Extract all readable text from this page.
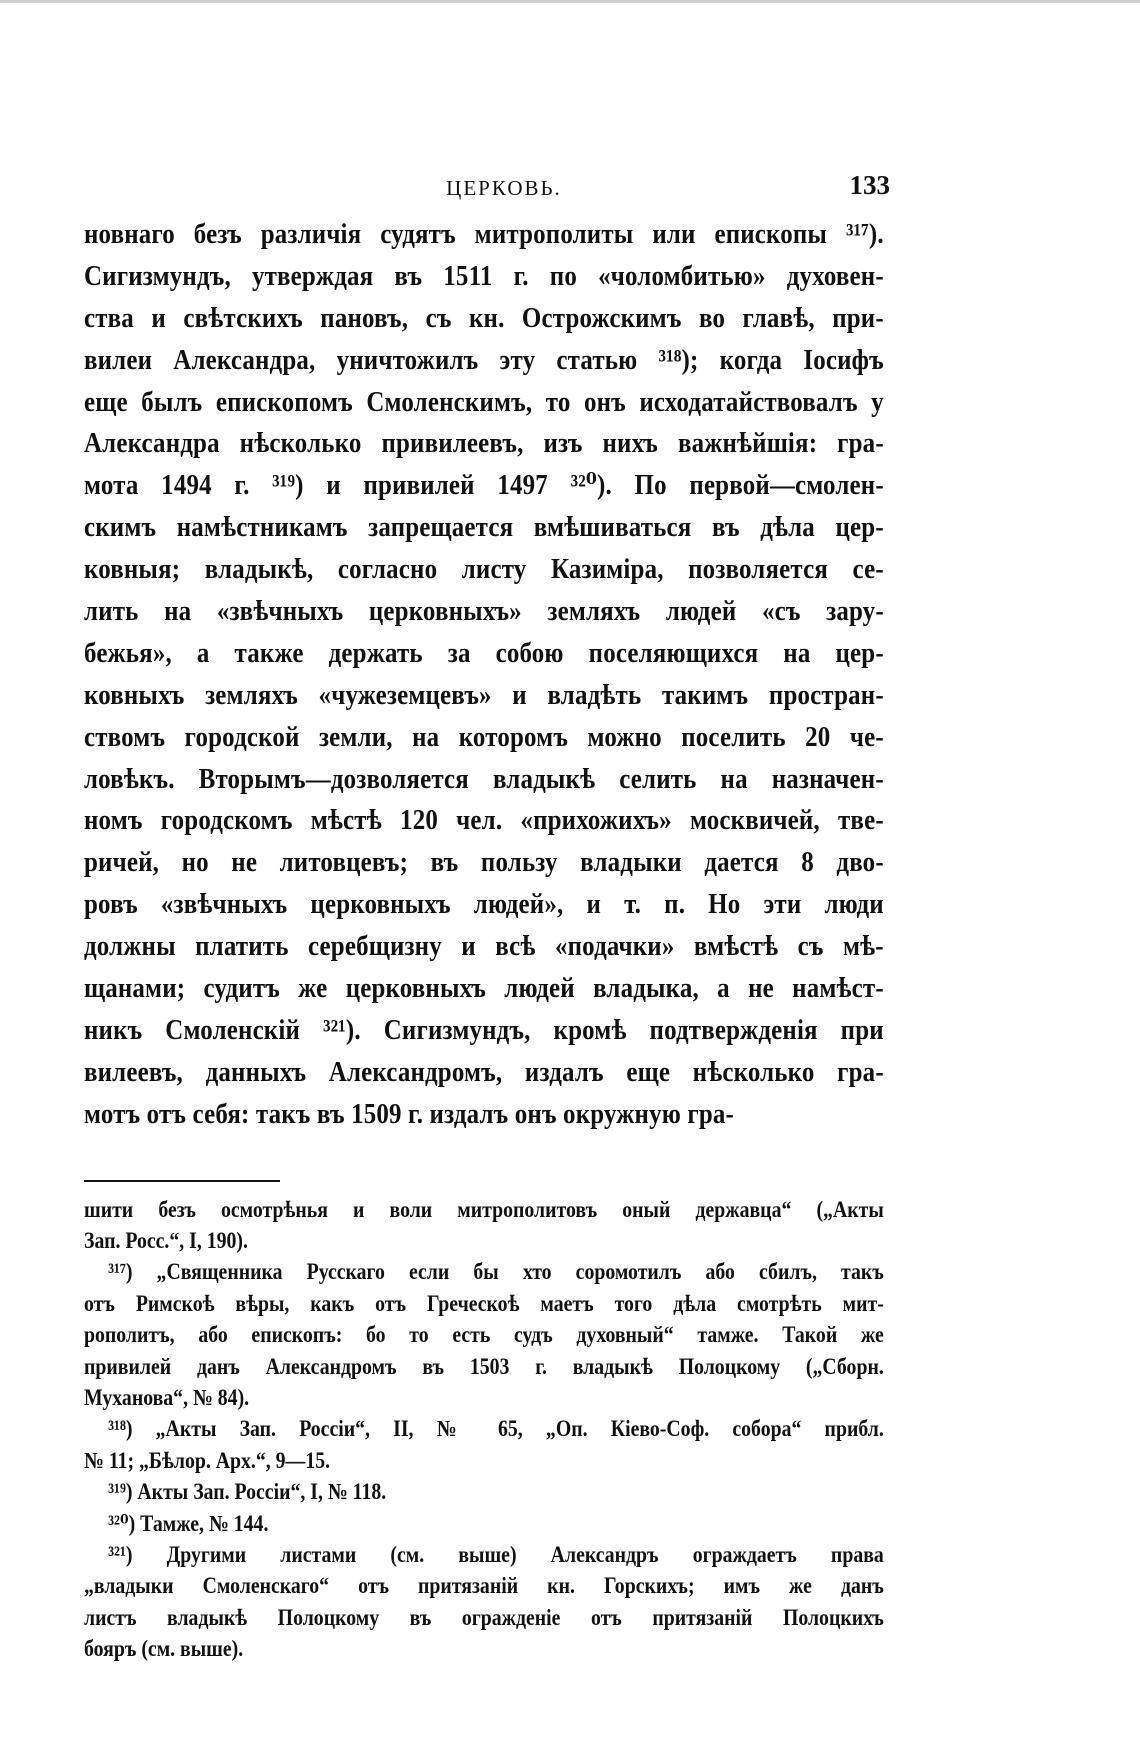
ЦЕРКОВЬ.	133
новнаго безъ различія судятъ митрополиты или епископы ³¹⁷).
Сигизмундъ, утверждая въ 1511 г. по «чоломбитью» духовен-
ства и свѣтскихъ пановъ, съ кн. Острожскимъ во главѣ, при-
вилеи Александра, уничтожилъ эту статью ³¹⁸); когда Іосифъ
еще былъ епископомъ Смоленскимъ, то онъ исходатайствовалъ у
Александра нѣсколько привилеевъ, изъ нихъ важнѣйшія: гра-
мота 1494 г. ³¹⁹) и привилей 1497 ³²⁰). По первой—смолен-
скимъ намѣстникамъ запрещается вмѣшиваться въ дѣла цер-
ковныя; владыкѣ, согласно листу Казиміра, позволяется се-
лить на «звѣчныхъ церковныхъ» земляхъ людей «съ зару-
бежья», а также держать за собою поселяющихся на цер-
ковныхъ земляхъ «чужеземцевъ» и владѣть такимъ простран-
ствомъ городской земли, на которомъ можно поселить 20 че-
ловѣкъ. Вторымъ—дозволяется владыкѣ селить на назначен-
номъ городскомъ мѣстѣ 120 чел. «прихожихъ» москвичей, тве-
ричей, но не литовцевъ; въ пользу владыки дается 8 дво-
ровъ «звѣчныхъ церковныхъ людей», и т. п. Но эти люди
должны платить серебщизну и всѣ «подачки» вмѣстѣ съ мѣ-
щанами; судитъ же церковныхъ людей владыка, а не намѣст-
никъ Смоленскій ³²¹). Сигизмундъ, кромѣ подтвержденія при
вилеевъ, данныхъ Александромъ, издалъ еще нѣсколько гра-
мотъ отъ себя: такъ въ 1509 г. издалъ онъ окружную гра-
шити безъ осмотрѣнья и воли митрополитовъ оный державца“ („Акты
Зап. Росс.“, I, 190).
³¹⁷) „Священника Русскаго если бы хто соромотилъ або сбилъ, такъ
отъ Римскоѣ вѣры, какъ отъ Греческоѣ маетъ того дѣла смотрѣть мит-
рополитъ, або епископъ: бо то есть судъ духовный“ тамже. Такой же
привилей данъ Александромъ въ 1503 г. владыкѣ Полоцкому („Сборн.
Муханова“, № 84).
³¹⁸) „Акты Зап. Россіи“, II, № 65, „Оп. Кіево-Соф. собора“ прибл.
№ 11; „Бѣлор. Арх.“, 9—15.
³¹⁹) Акты Зап. Россіи“, I, № 118.
³²⁰) Тамже, № 144.
³²¹) Другими листами (см. выше) Александръ ограждаетъ права
„владыки Смоленскаго“ отъ притязаній кн. Горскихъ; имъ же данъ
листъ владыкѣ Полоцкому въ огражденіе отъ притязаній Полоцкихъ
бояръ (см. выше).
